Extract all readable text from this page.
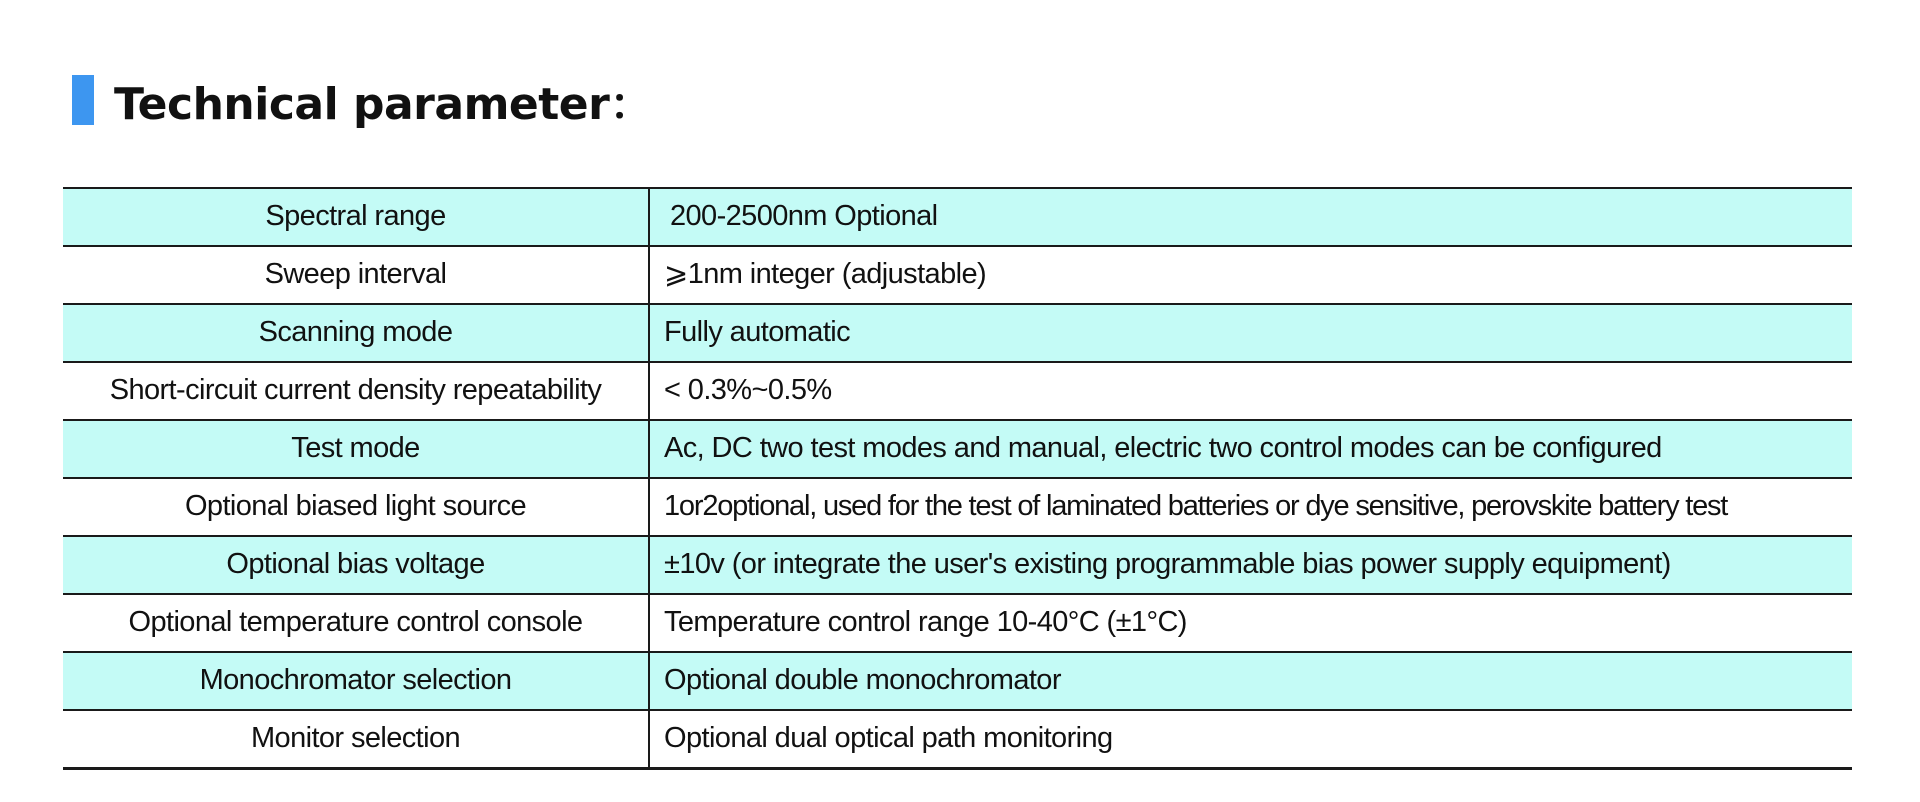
Technical parameter：
Spectral range	200-2500nm Optional
Sweep interval	⩾1nm integer (adjustable)
Scanning mode	Fully automatic
Short-circuit current density repeatability	< 0.3%~0.5%
Test mode	Ac, DC two test modes and manual, electric two control modes can be configured
Optional biased light source	1or2optional, used for the test of laminated batteries or dye sensitive, perovskite battery test
Optional bias voltage	±10v (or integrate the user's existing programmable bias power supply equipment)
Optional temperature control console	Temperature control range 10-40°C (±1°C)
Monochromator selection	Optional double monochromator
Monitor selection	Optional dual optical path monitoring
